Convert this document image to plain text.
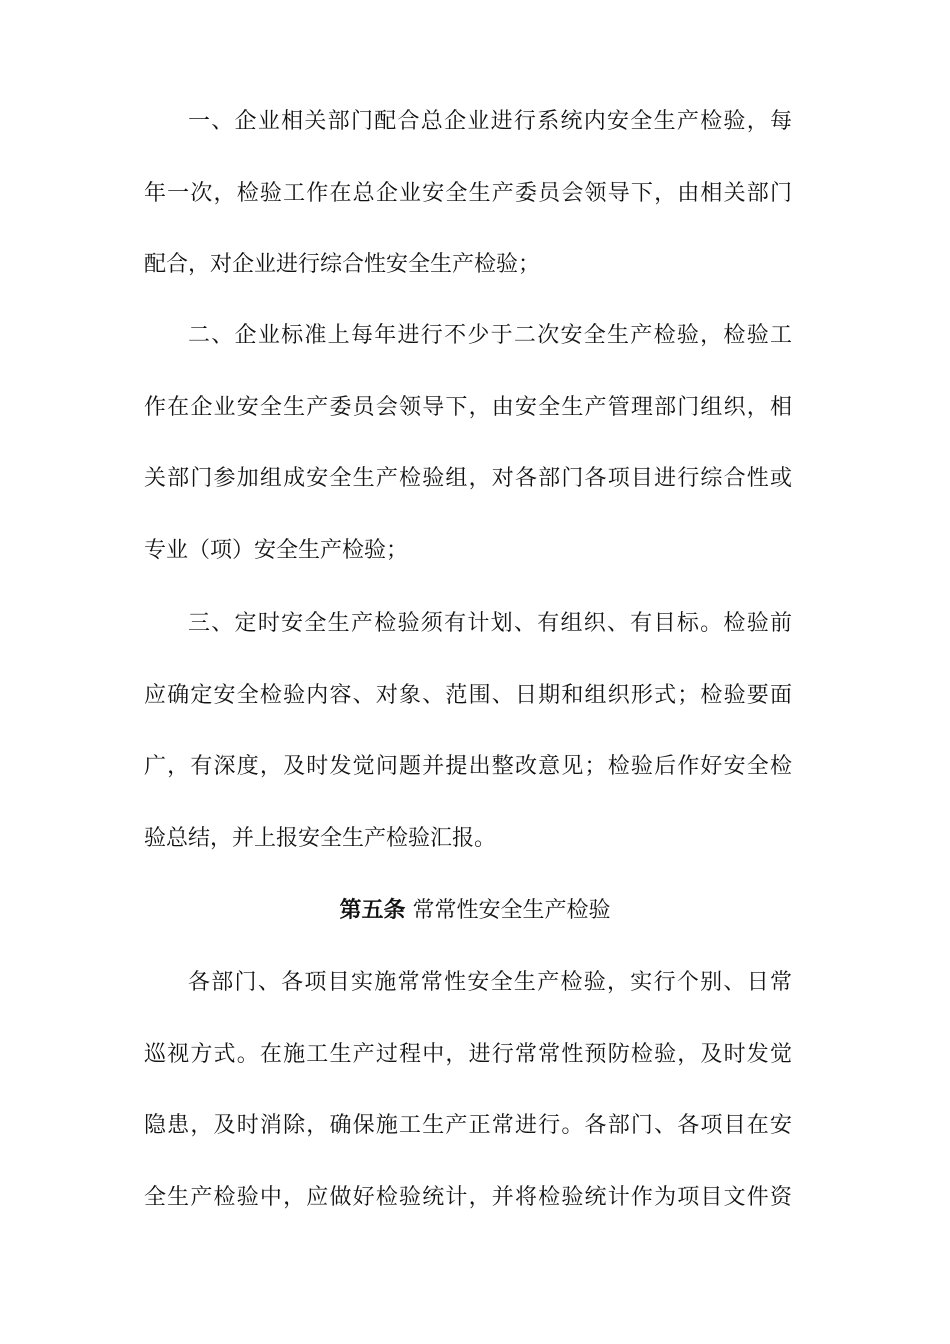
一、企业相关部门配合总企业进行系统内安全生产检验，每
年一次，检验工作在总企业安全生产委员会领导下，由相关部门
配合，对企业进行综合性安全生产检验；
二、企业标准上每年进行不少于二次安全生产检验，检验工
作在企业安全生产委员会领导下，由安全生产管理部门组织，相
关部门参加组成安全生产检验组，对各部门各项目进行综合性或
专业（项）安全生产检验；
三、定时安全生产检验须有计划、有组织、有目标。检验前
应确定安全检验内容、对象、范围、日期和组织形式；检验要面
广，有深度，及时发觉问题并提出整改意见；检验后作好安全检
验总结，并上报安全生产检验汇报。
第五条 常常性安全生产检验
各部门、各项目实施常常性安全生产检验，实行个别、日常
巡视方式。在施工生产过程中，进行常常性预防检验，及时发觉
隐患，及时消除，确保施工生产正常进行。各部门、各项目在安
全生产检验中，应做好检验统计，并将检验统计作为项目文件资
